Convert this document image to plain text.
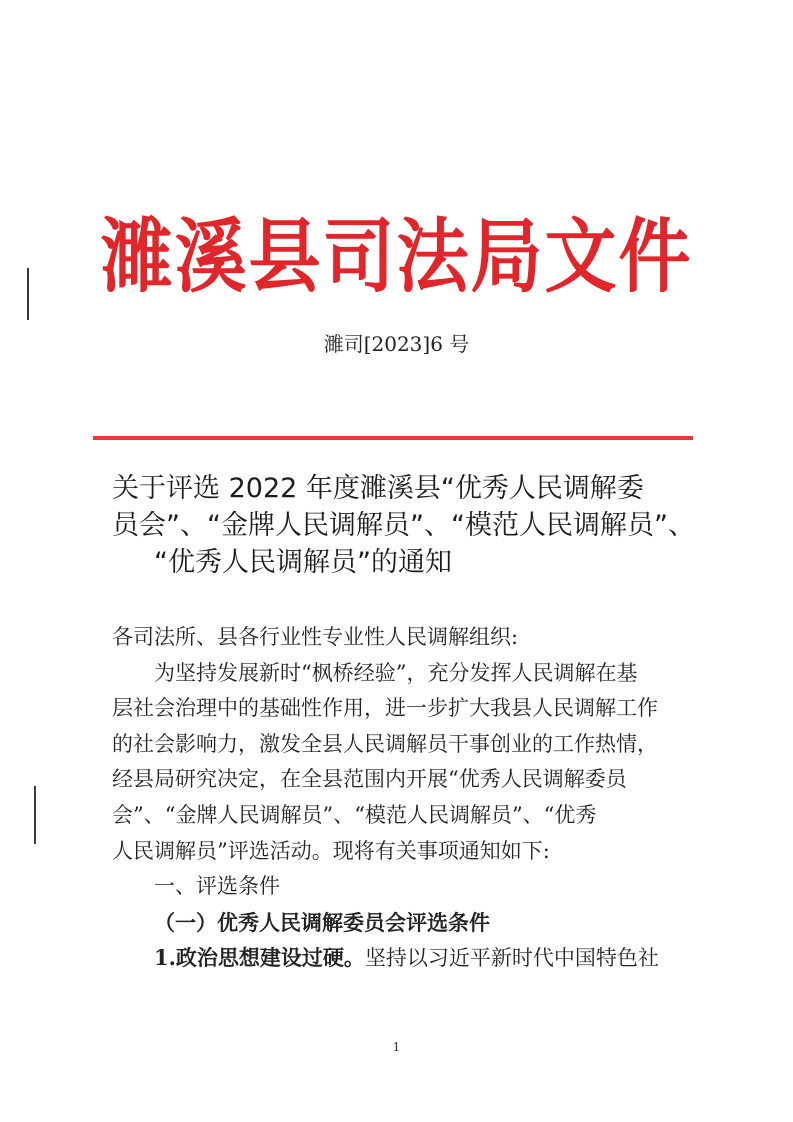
濉溪县司法局文件
濉司[2023]6 号
关于评选 2022 年度濉溪县“优秀人民调解委
员会”、“金牌人民调解员”、“模范人民调解员”、
“优秀人民调解员”的通知

各司法所、县各行业性专业性人民调解组织:

为坚持发展新时“枫桥经验”，充分发挥人民调解在基

层社会治理中的基础性作用，进一步扩大我县人民调解工作

的社会影响力，激发全县人民调解员干事创业的工作热情，

经县局研究决定，在全县范围内开展“优秀人民调解委员

会”、“金牌人民调解员”、“模范人民调解员”、“优秀

人民调解员”评选活动。现将有关事项通知如下:

一、评选条件

（一）优秀人民调解委员会评选条件

1.政治思想建设过硬。坚持以习近平新时代中国特色社

1
